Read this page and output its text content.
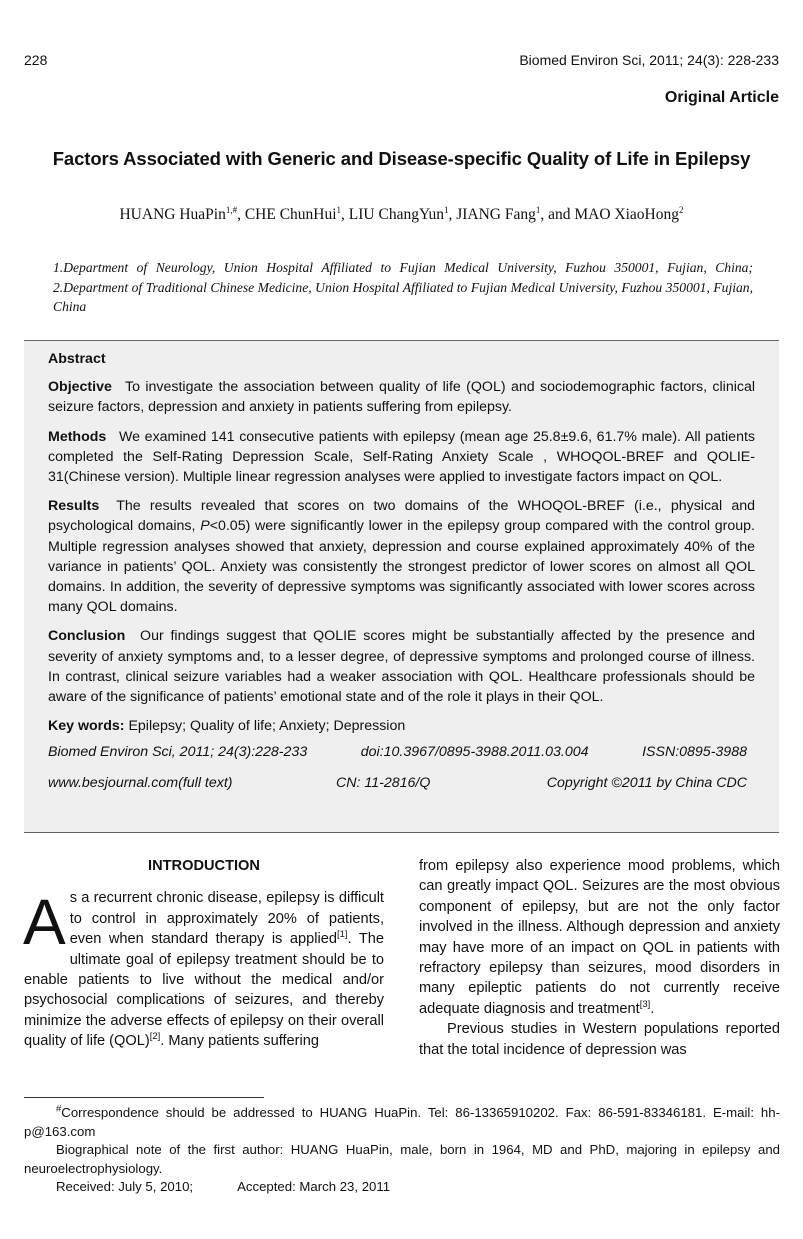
228	Biomed Environ Sci, 2011; 24(3): 228-233
Original Article
Factors Associated with Generic and Disease-specific Quality of Life in Epilepsy
HUANG HuaPin$^{1,\#}$, CHE ChunHui$^1$, LIU ChangYun$^1$, JIANG Fang$^1$, and MAO XiaoHong$^2$
1.Department of Neurology, Union Hospital Affiliated to Fujian Medical University, Fuzhou 350001, Fujian, China; 2.Department of Traditional Chinese Medicine, Union Hospital Affiliated to Fujian Medical University, Fuzhou 350001, Fujian, China

Abstract

Objective To investigate the association between quality of life (QOL) and sociodemographic factors, clinical seizure factors, depression and anxiety in patients suffering from epilepsy.

Methods We examined 141 consecutive patients with epilepsy (mean age 25.8±9.6, 61.7% male). All patients completed the Self-Rating Depression Scale, Self-Rating Anxiety Scale , WHOQOL-BREF and QOLIE-31(Chinese version). Multiple linear regression analyses were applied to investigate factors impact on QOL.

Results The results revealed that scores on two domains of the WHOQOL-BREF (i.e., physical and psychological domains, P<0.05) were significantly lower in the epilepsy group compared with the control group. Multiple regression analyses showed that anxiety, depression and course explained approximately 40% of the variance in patients’ QOL. Anxiety was consistently the strongest predictor of lower scores on almost all QOL domains. In addition, the severity of depressive symptoms was significantly associated with lower scores across many QOL domains.

Conclusion Our findings suggest that QOLIE scores might be substantially affected by the presence and severity of anxiety symptoms and, to a lesser degree, of depressive symptoms and prolonged course of illness. In contrast, clinical seizure variables had a weaker association with QOL. Healthcare professionals should be aware of the significance of patients’ emotional state and of the role it plays in their QOL.

Key words: Epilepsy; Quality of life; Anxiety; Depression

Biomed Environ Sci, 2011; 24(3):228-233	doi:10.3967/0895-3988.2011.03.004	ISSN:0895-3988
www.besjournal.com(full text)	CN: 11-2816/Q	Copyright ©2011 by China CDC

INTRODUCTION

As a recurrent chronic disease, epilepsy is difficult to control in approximately 20% of patients, even when standard therapy is applied[1]. The ultimate goal of epilepsy treatment should be to enable patients to live without the medical and/or psychosocial complications of seizures, and thereby minimize the adverse effects of epilepsy on their overall quality of life (QOL)[2]. Many patients suffering

from epilepsy also experience mood problems, which can greatly impact QOL. Seizures are the most obvious component of epilepsy, but are not the only factor involved in the illness. Although depression and anxiety may have more of an impact on QOL in patients with refractory epilepsy than seizures, mood disorders in many epileptic patients do not currently receive adequate diagnosis and treatment[3].

Previous studies in Western populations reported that the total incidence of depression was

#Correspondence should be addressed to HUANG HuaPin. Tel: 86-13365910202. Fax: 86-591-83346181. E-mail: hh-p@163.com

Biographical note of the first author: HUANG HuaPin, male, born in 1964, MD and PhD, majoring in epilepsy and neuroelectrophysiology.

Received: July 5, 2010;	Accepted: March 23, 2011
